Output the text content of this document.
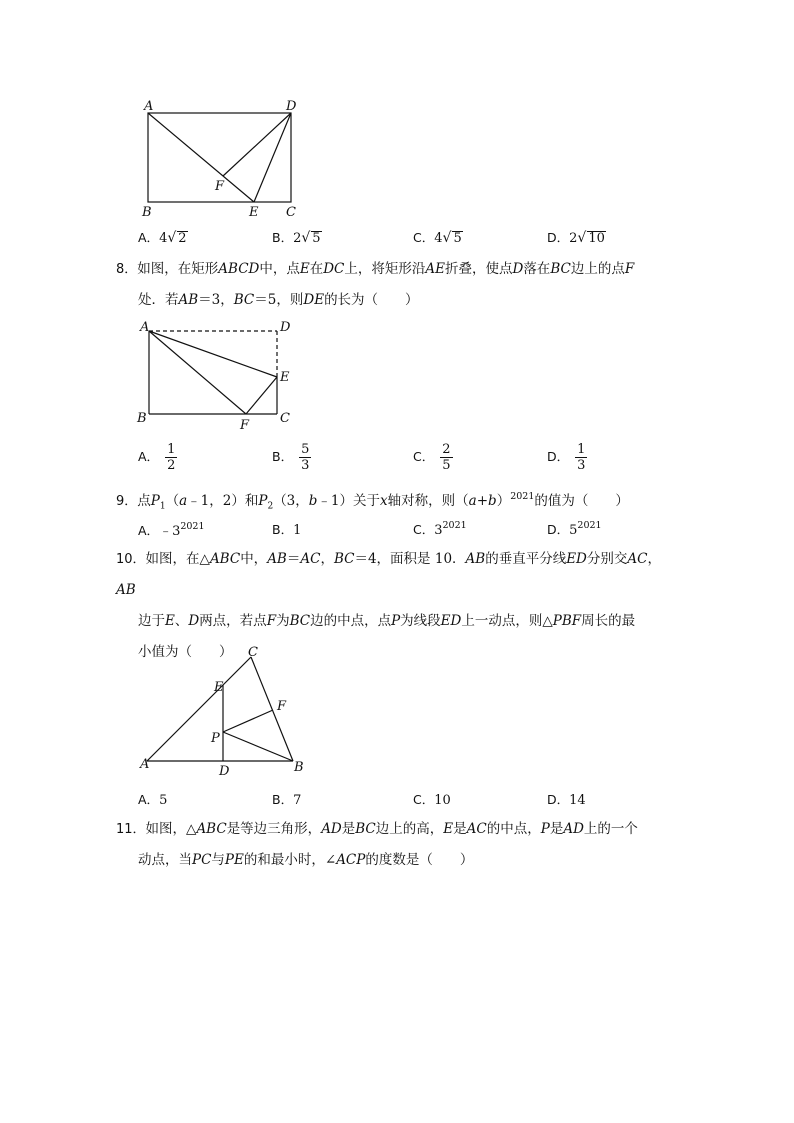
A	D
B	C
E
F
A．4√ 2	B．2√ 5	C．4√ 5	D．2√ 10
8．如图，在矩形ABCD中，点E在DC上，将矩形沿AE折叠，使点D落在BC边上的点F
处．若AB＝3，BC＝5，则DE的长为（　　）
A	D
B	C
E
F
A． $\frac{1}{2}$	B． $\frac{5}{3}$	C． $\frac{2}{5}$	D． $\frac{1}{3}$
9．点$P_1(a﹣1$，2）和$P_2(3$，b﹣1）关于x轴对称，则$(a+b)^{2021}$的值为（　　）
A．$﹣3^{2021}$	B．1	C．$3^{2021}$	D．$5^{2021}$
10．如图，在△ABC中，AB＝AC，BC＝4，面积是 10．AB的垂直平分线ED分别交AC，AB
边于E、D两点，若点F为BC边的中点，点P为线段ED上一动点，则△PBF周长的最
小值为（　　）
A	B
C
D
E
F
P
A．5	B．7	C．10	D．14
11．如图，△ABC是等边三角形，AD是BC边上的高，E是AC的中点，P是AD上的一个
动点，当PC与PE的和最小时，∠ACP的度数是（　　）
